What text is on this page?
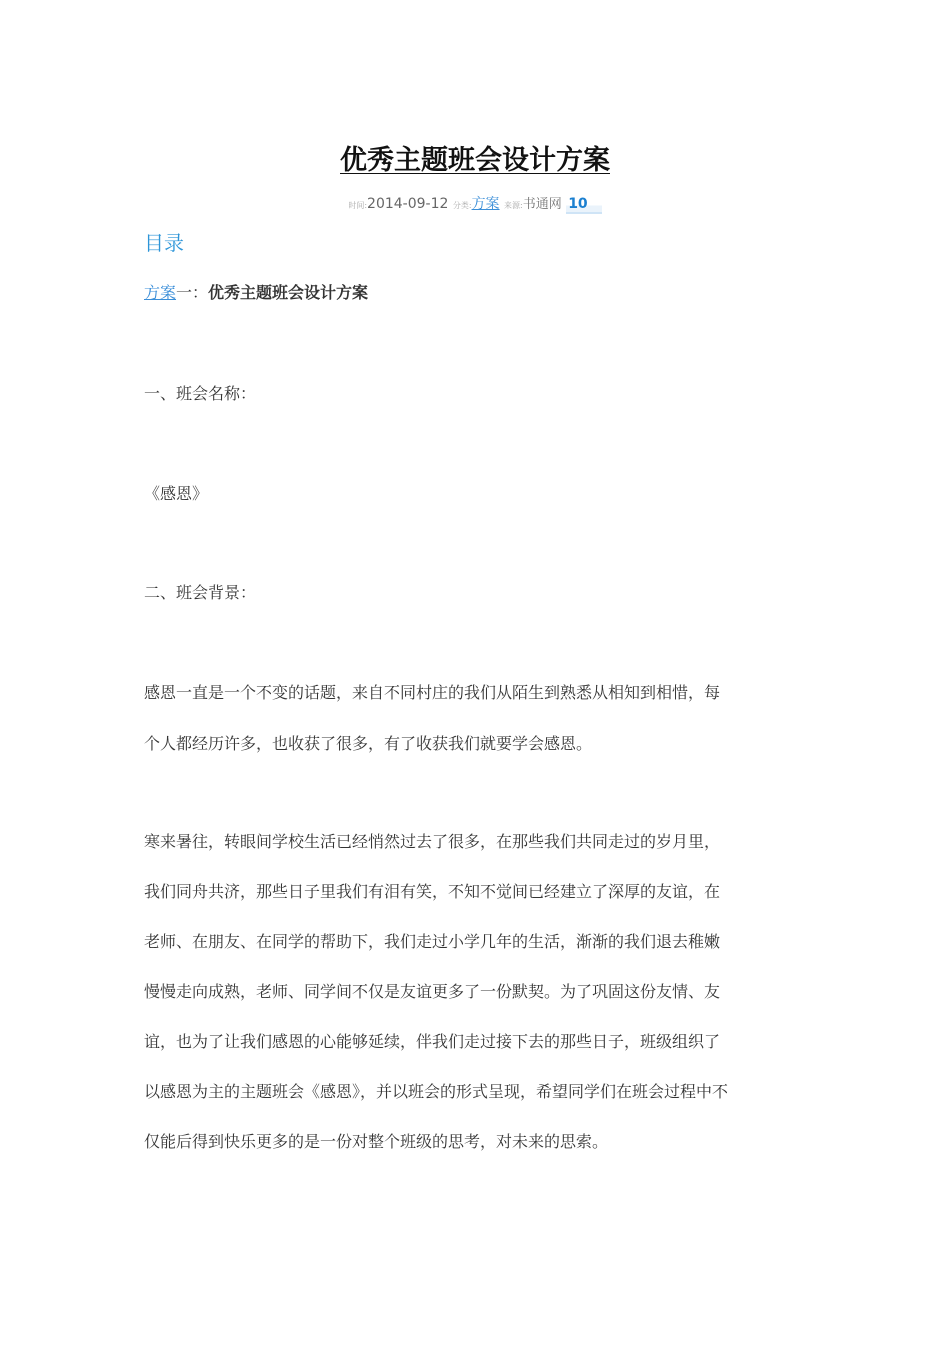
优秀主题班会设计方案
时间:2014-09-12 分类:方案 来源:书通网 10
目录
方案一：优秀主题班会设计方案
一、班会名称：
《感恩》
二、班会背景：
感恩一直是一个不变的话题，来自不同村庄的我们从陌生到熟悉从相知到相惜，每
个人都经历许多，也收获了很多，有了收获我们就要学会感恩。
寒来暑往，转眼间学校生活已经悄然过去了很多，在那些我们共同走过的岁月里，
我们同舟共济，那些日子里我们有泪有笑，不知不觉间已经建立了深厚的友谊，在
老师、在朋友、在同学的帮助下，我们走过小学几年的生活，渐渐的我们退去稚嫩
慢慢走向成熟，老师、同学间不仅是友谊更多了一份默契。为了巩固这份友情、友
谊，也为了让我们感恩的心能够延续，伴我们走过接下去的那些日子，班级组织了
以感恩为主的主题班会《感恩》，并以班会的形式呈现，希望同学们在班会过程中不
仅能后得到快乐更多的是一份对整个班级的思考，对未来的思索。
